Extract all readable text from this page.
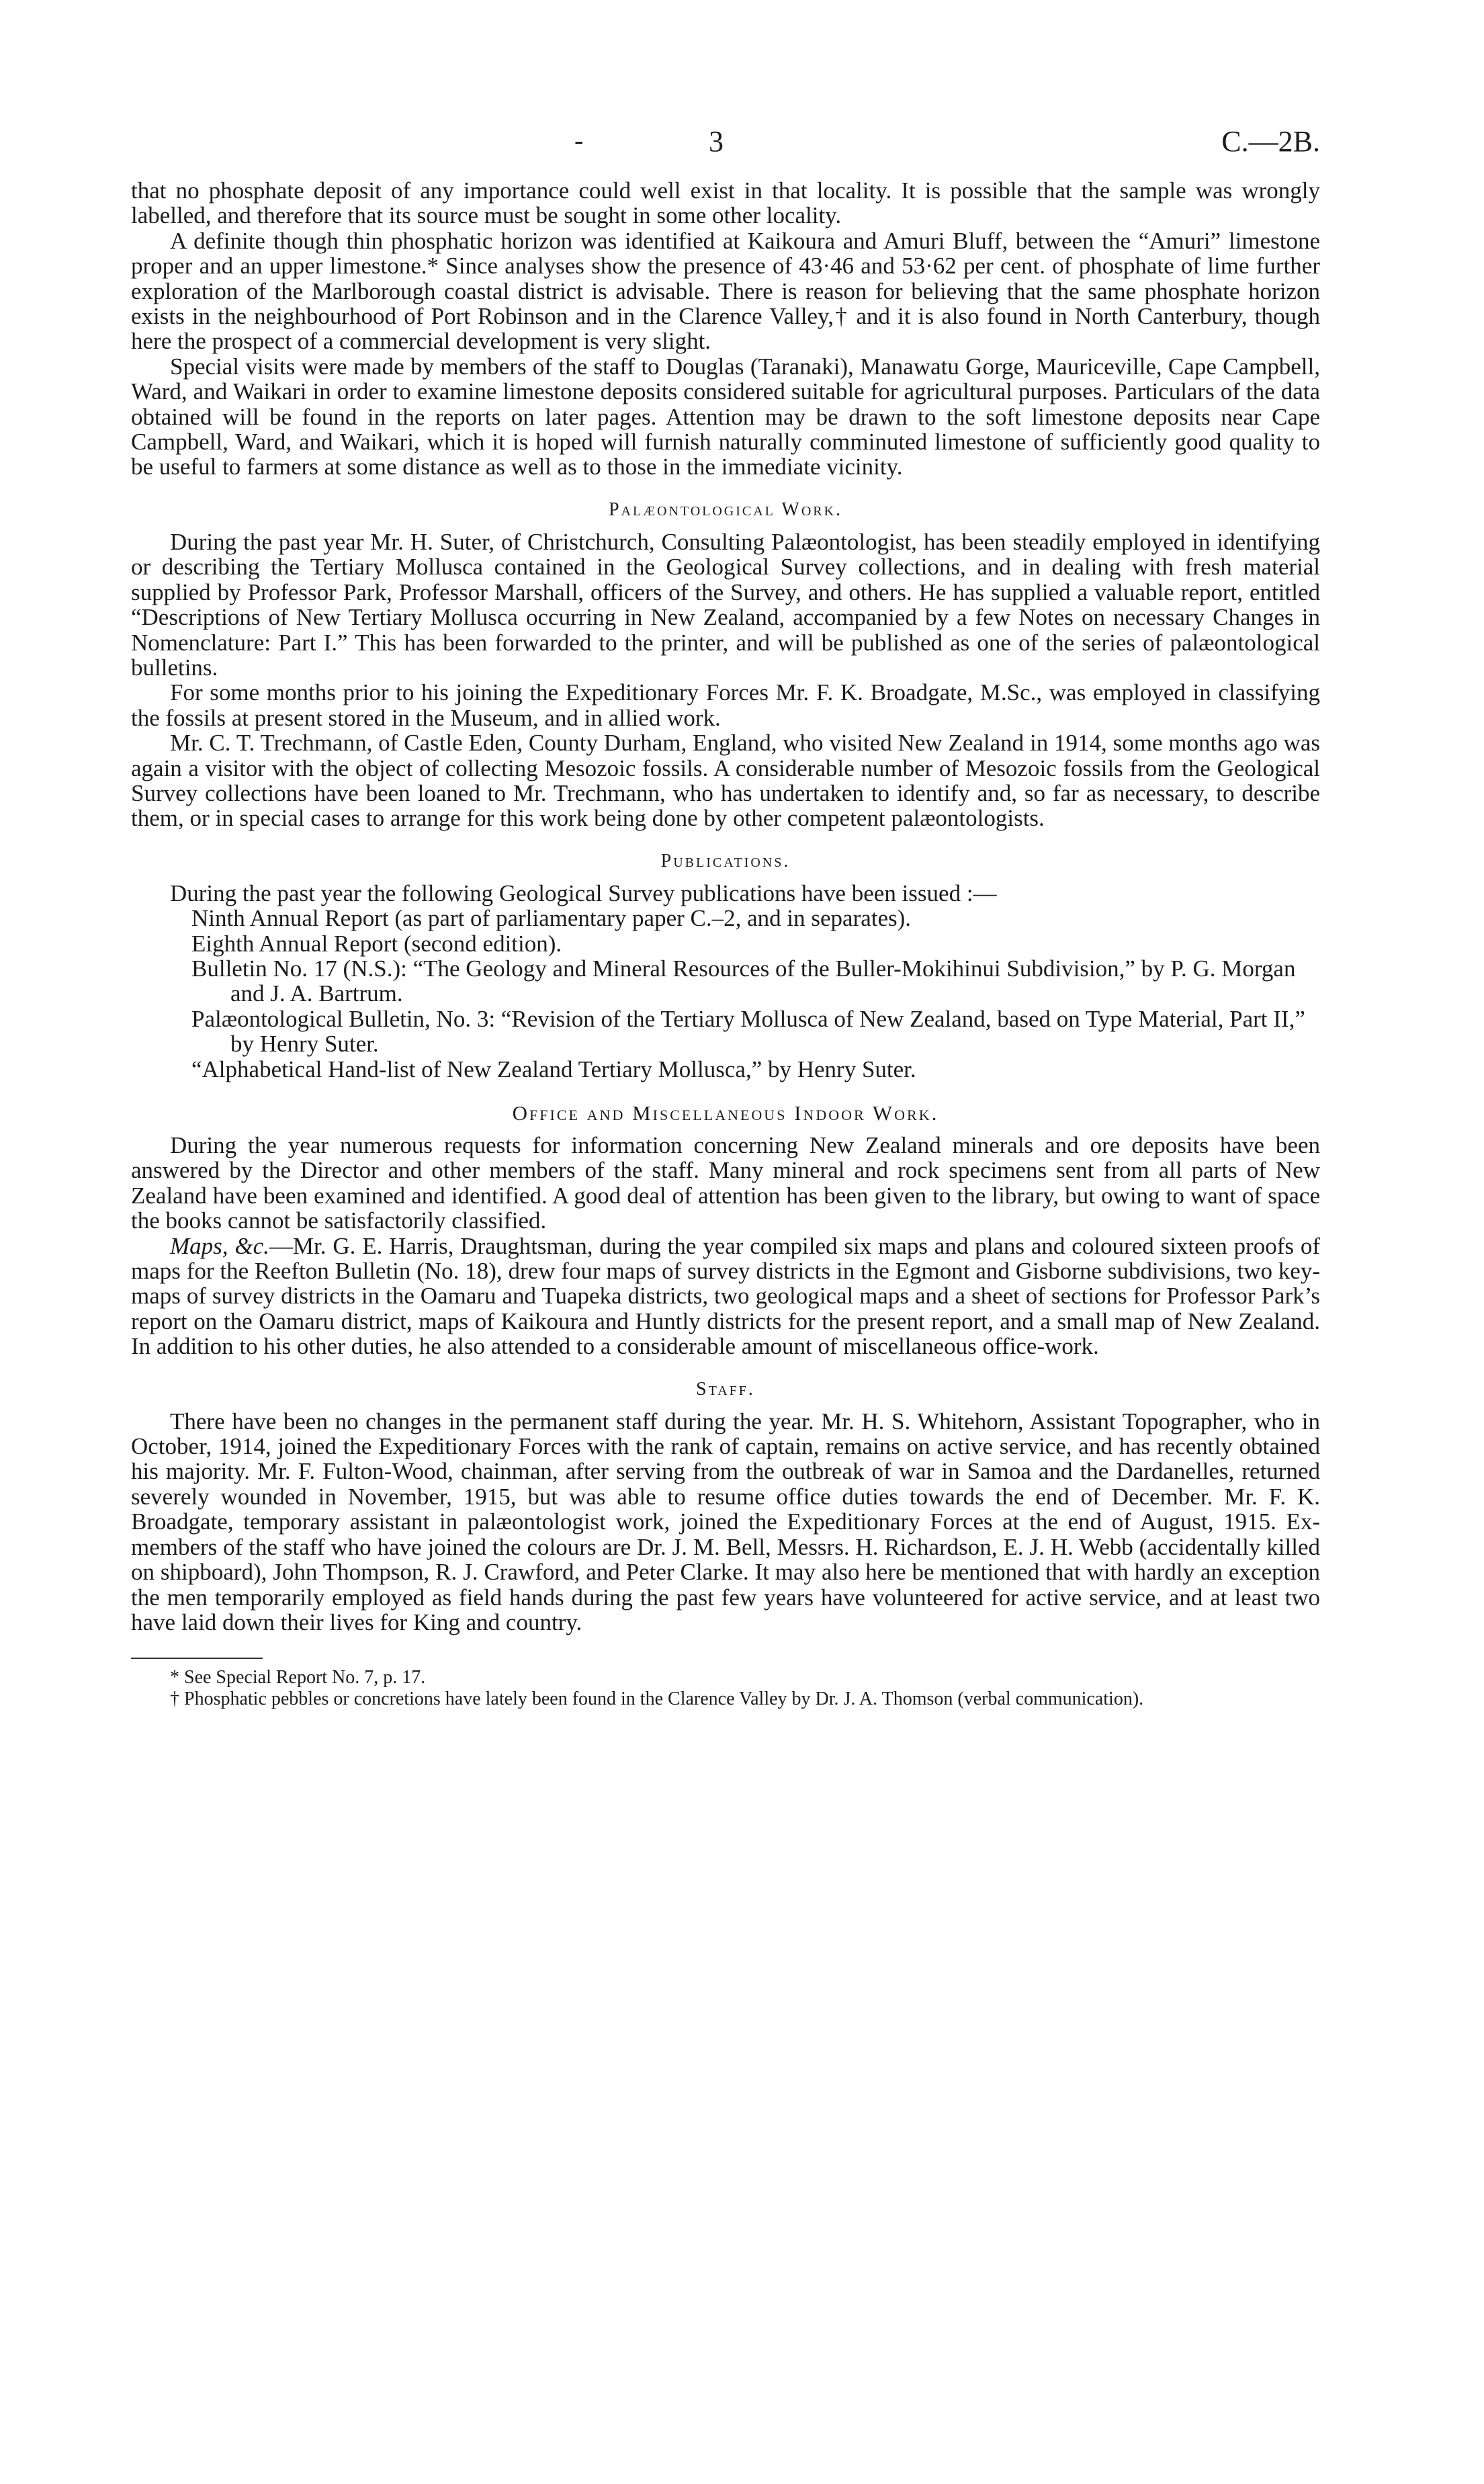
-	3	C.—2B.

that no phosphate deposit of any importance could well exist in that locality. It is possible that the sample was wrongly labelled, and therefore that its source must be sought in some other locality.

A definite though thin phosphatic horizon was identified at Kaikoura and Amuri Bluff, between the “Amuri” limestone proper and an upper limestone.* Since analyses show the presence of 43·46 and 53·62 per cent. of phosphate of lime further exploration of the Marlborough coastal district is advisable. There is reason for believing that the same phosphate horizon exists in the neighbourhood of Port Robinson and in the Clarence Valley,† and it is also found in North Canterbury, though here the prospect of a commercial development is very slight.

Special visits were made by members of the staff to Douglas (Taranaki), Manawatu Gorge, Mauriceville, Cape Campbell, Ward, and Waikari in order to examine limestone deposits considered suitable for agricultural purposes. Particulars of the data obtained will be found in the reports on later pages. Attention may be drawn to the soft limestone deposits near Cape Campbell, Ward, and Waikari, which it is hoped will furnish naturally comminuted limestone of sufficiently good quality to be useful to farmers at some distance as well as to those in the immediate vicinity.

Palæontological Work.

During the past year Mr. H. Suter, of Christchurch, Consulting Palæontologist, has been steadily employed in identifying or describing the Tertiary Mollusca contained in the Geological Survey collections, and in dealing with fresh material supplied by Professor Park, Professor Marshall, officers of the Survey, and others. He has supplied a valuable report, entitled “Descriptions of New Tertiary Mollusca occurring in New Zealand, accompanied by a few Notes on necessary Changes in Nomenclature: Part I.” This has been forwarded to the printer, and will be published as one of the series of palæontological bulletins.

For some months prior to his joining the Expeditionary Forces Mr. F. K. Broadgate, M.Sc., was employed in classifying the fossils at present stored in the Museum, and in allied work.

Mr. C. T. Trechmann, of Castle Eden, County Durham, England, who visited New Zealand in 1914, some months ago was again a visitor with the object of collecting Mesozoic fossils. A considerable number of Mesozoic fossils from the Geological Survey collections have been loaned to Mr. Trechmann, who has undertaken to identify and, so far as necessary, to describe them, or in special cases to arrange for this work being done by other competent palæontologists.

Publications.

During the past year the following Geological Survey publications have been issued :—

Ninth Annual Report (as part of parliamentary paper C.–2, and in separates).
Eighth Annual Report (second edition).
Bulletin No. 17 (N.S.): “The Geology and Mineral Resources of the Buller-Mokihinui Subdivision,” by P. G. Morgan and J. A. Bartrum.
Palæontological Bulletin, No. 3: “Revision of the Tertiary Mollusca of New Zealand, based on Type Material, Part II,” by Henry Suter.
“Alphabetical Hand-list of New Zealand Tertiary Mollusca,” by Henry Suter.
Office and Miscellaneous Indoor Work.

During the year numerous requests for information concerning New Zealand minerals and ore deposits have been answered by the Director and other members of the staff. Many mineral and rock specimens sent from all parts of New Zealand have been examined and identified. A good deal of attention has been given to the library, but owing to want of space the books cannot be satisfactorily classified.

Maps, &c.—Mr. G. E. Harris, Draughtsman, during the year compiled six maps and plans and coloured sixteen proofs of maps for the Reefton Bulletin (No. 18), drew four maps of survey districts in the Egmont and Gisborne subdivisions, two key-maps of survey districts in the Oamaru and Tuapeka districts, two geological maps and a sheet of sections for Professor Park’s report on the Oamaru district, maps of Kaikoura and Huntly districts for the present report, and a small map of New Zealand. In addition to his other duties, he also attended to a considerable amount of miscellaneous office-work.

Staff.

There have been no changes in the permanent staff during the year. Mr. H. S. Whitehorn, Assistant Topographer, who in October, 1914, joined the Expeditionary Forces with the rank of captain, remains on active service, and has recently obtained his majority. Mr. F. Fulton-Wood, chainman, after serving from the outbreak of war in Samoa and the Dardanelles, returned severely wounded in November, 1915, but was able to resume office duties towards the end of December. Mr. F. K. Broadgate, temporary assistant in palæontologist work, joined the Expeditionary Forces at the end of August, 1915. Ex-members of the staff who have joined the colours are Dr. J. M. Bell, Messrs. H. Richardson, E. J. H. Webb (accidentally killed on shipboard), John Thompson, R. J. Crawford, and Peter Clarke. It may also here be mentioned that with hardly an exception the men temporarily employed as field hands during the past few years have volunteered for active service, and at least two have laid down their lives for King and country.

* See Special Report No. 7, p. 17.

† Phosphatic pebbles or concretions have lately been found in the Clarence Valley by Dr. J. A. Thomson (verbal communication).
